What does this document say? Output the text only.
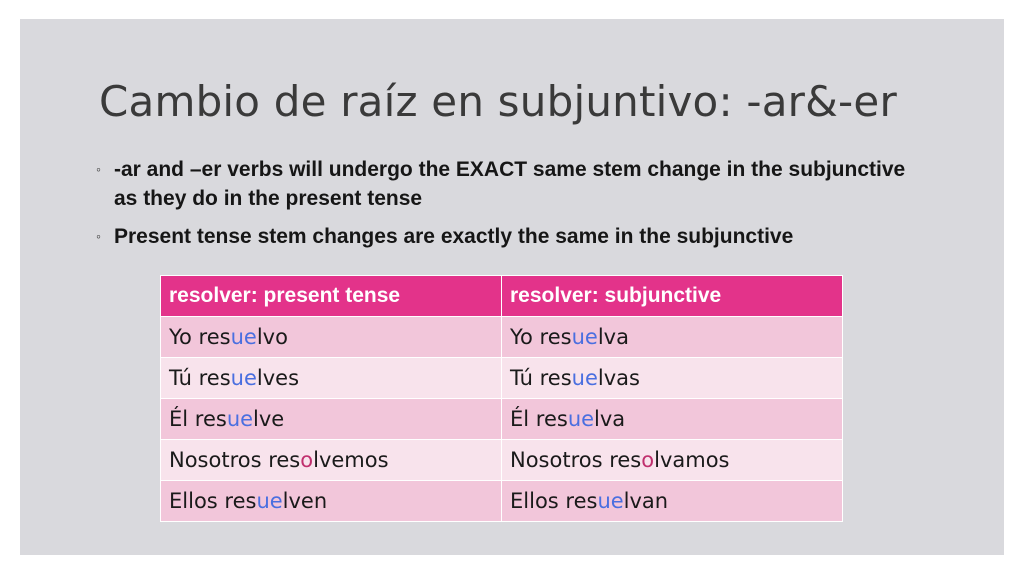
Cambio de raíz en subjuntivo: -ar&-er
◦ -ar and –er verbs will undergo the EXACT same stem change in the subjunctive as they do in the present tense
◦ Present tense stem changes are exactly the same in the subjunctive
resolver: present tense	resolver: subjunctive
Yo resuelvo	Yo resuelva
Tú resuelves	Tú resuelvas
Él resuelve	Él resuelva
Nosotros resolvemos	Nosotros resolvamos
Ellos resuelven	Ellos resuelvan
